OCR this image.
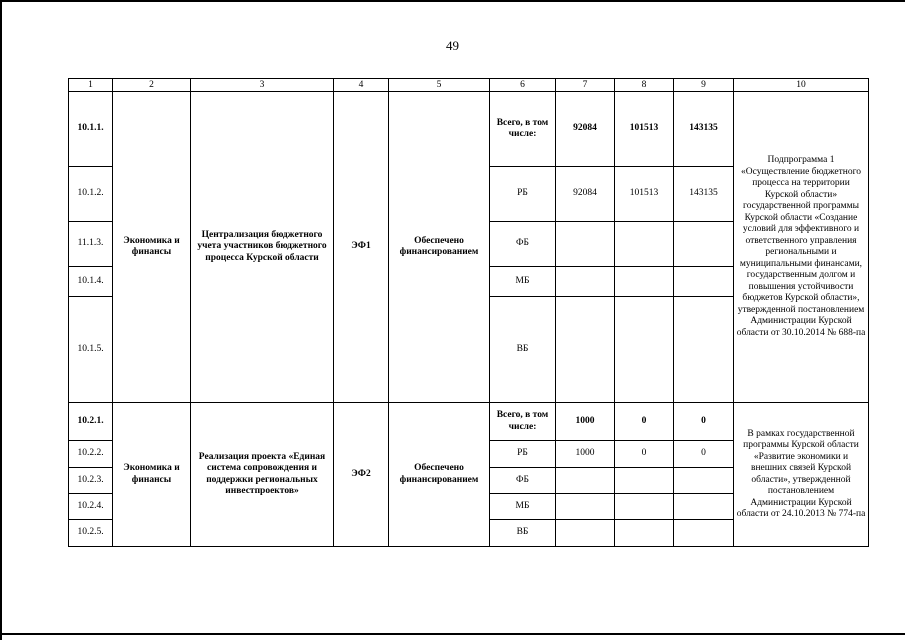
49
1	2	3	4	5	6	7	8	9	10
10.1.1.	Экономика и финансы	Централизация бюджетного учета участников бюджетного процесса Курской области	ЭФ1	Обеспечено финансированием	Всего, в том числе:	92084	101513	143135	Подпрограмма 1 «Осуществление бюджетного процесса на территории Курской области» государственной программы Курской области «Создание условий для эффективного и ответственного управления региональными и муниципальными финансами, государственным долгом и повышения устойчивости бюджетов Курской области», утвержденной постановлением Администрации Курской области от 30.10.2014 № 688-па
10.1.2.					РБ	92084	101513	143135	
11.1.3.					ФБ				
10.1.4.					МБ				
10.1.5.					ВБ				
10.2.1.	Экономика и финансы	Реализация проекта «Единая система сопровождения и поддержки региональных инвестпроектов»	ЭФ2	Обеспечено финансированием	Всего, в том числе:	1000	0	0	В рамках государственной программы Курской области «Развитие экономики и внешних связей Курской области», утвержденной постановлением Администрации Курской области от 24.10.2013 № 774-па
10.2.2.					РБ	1000	0	0	
10.2.3.					ФБ				
10.2.4.					МБ				
10.2.5.					ВБ				
